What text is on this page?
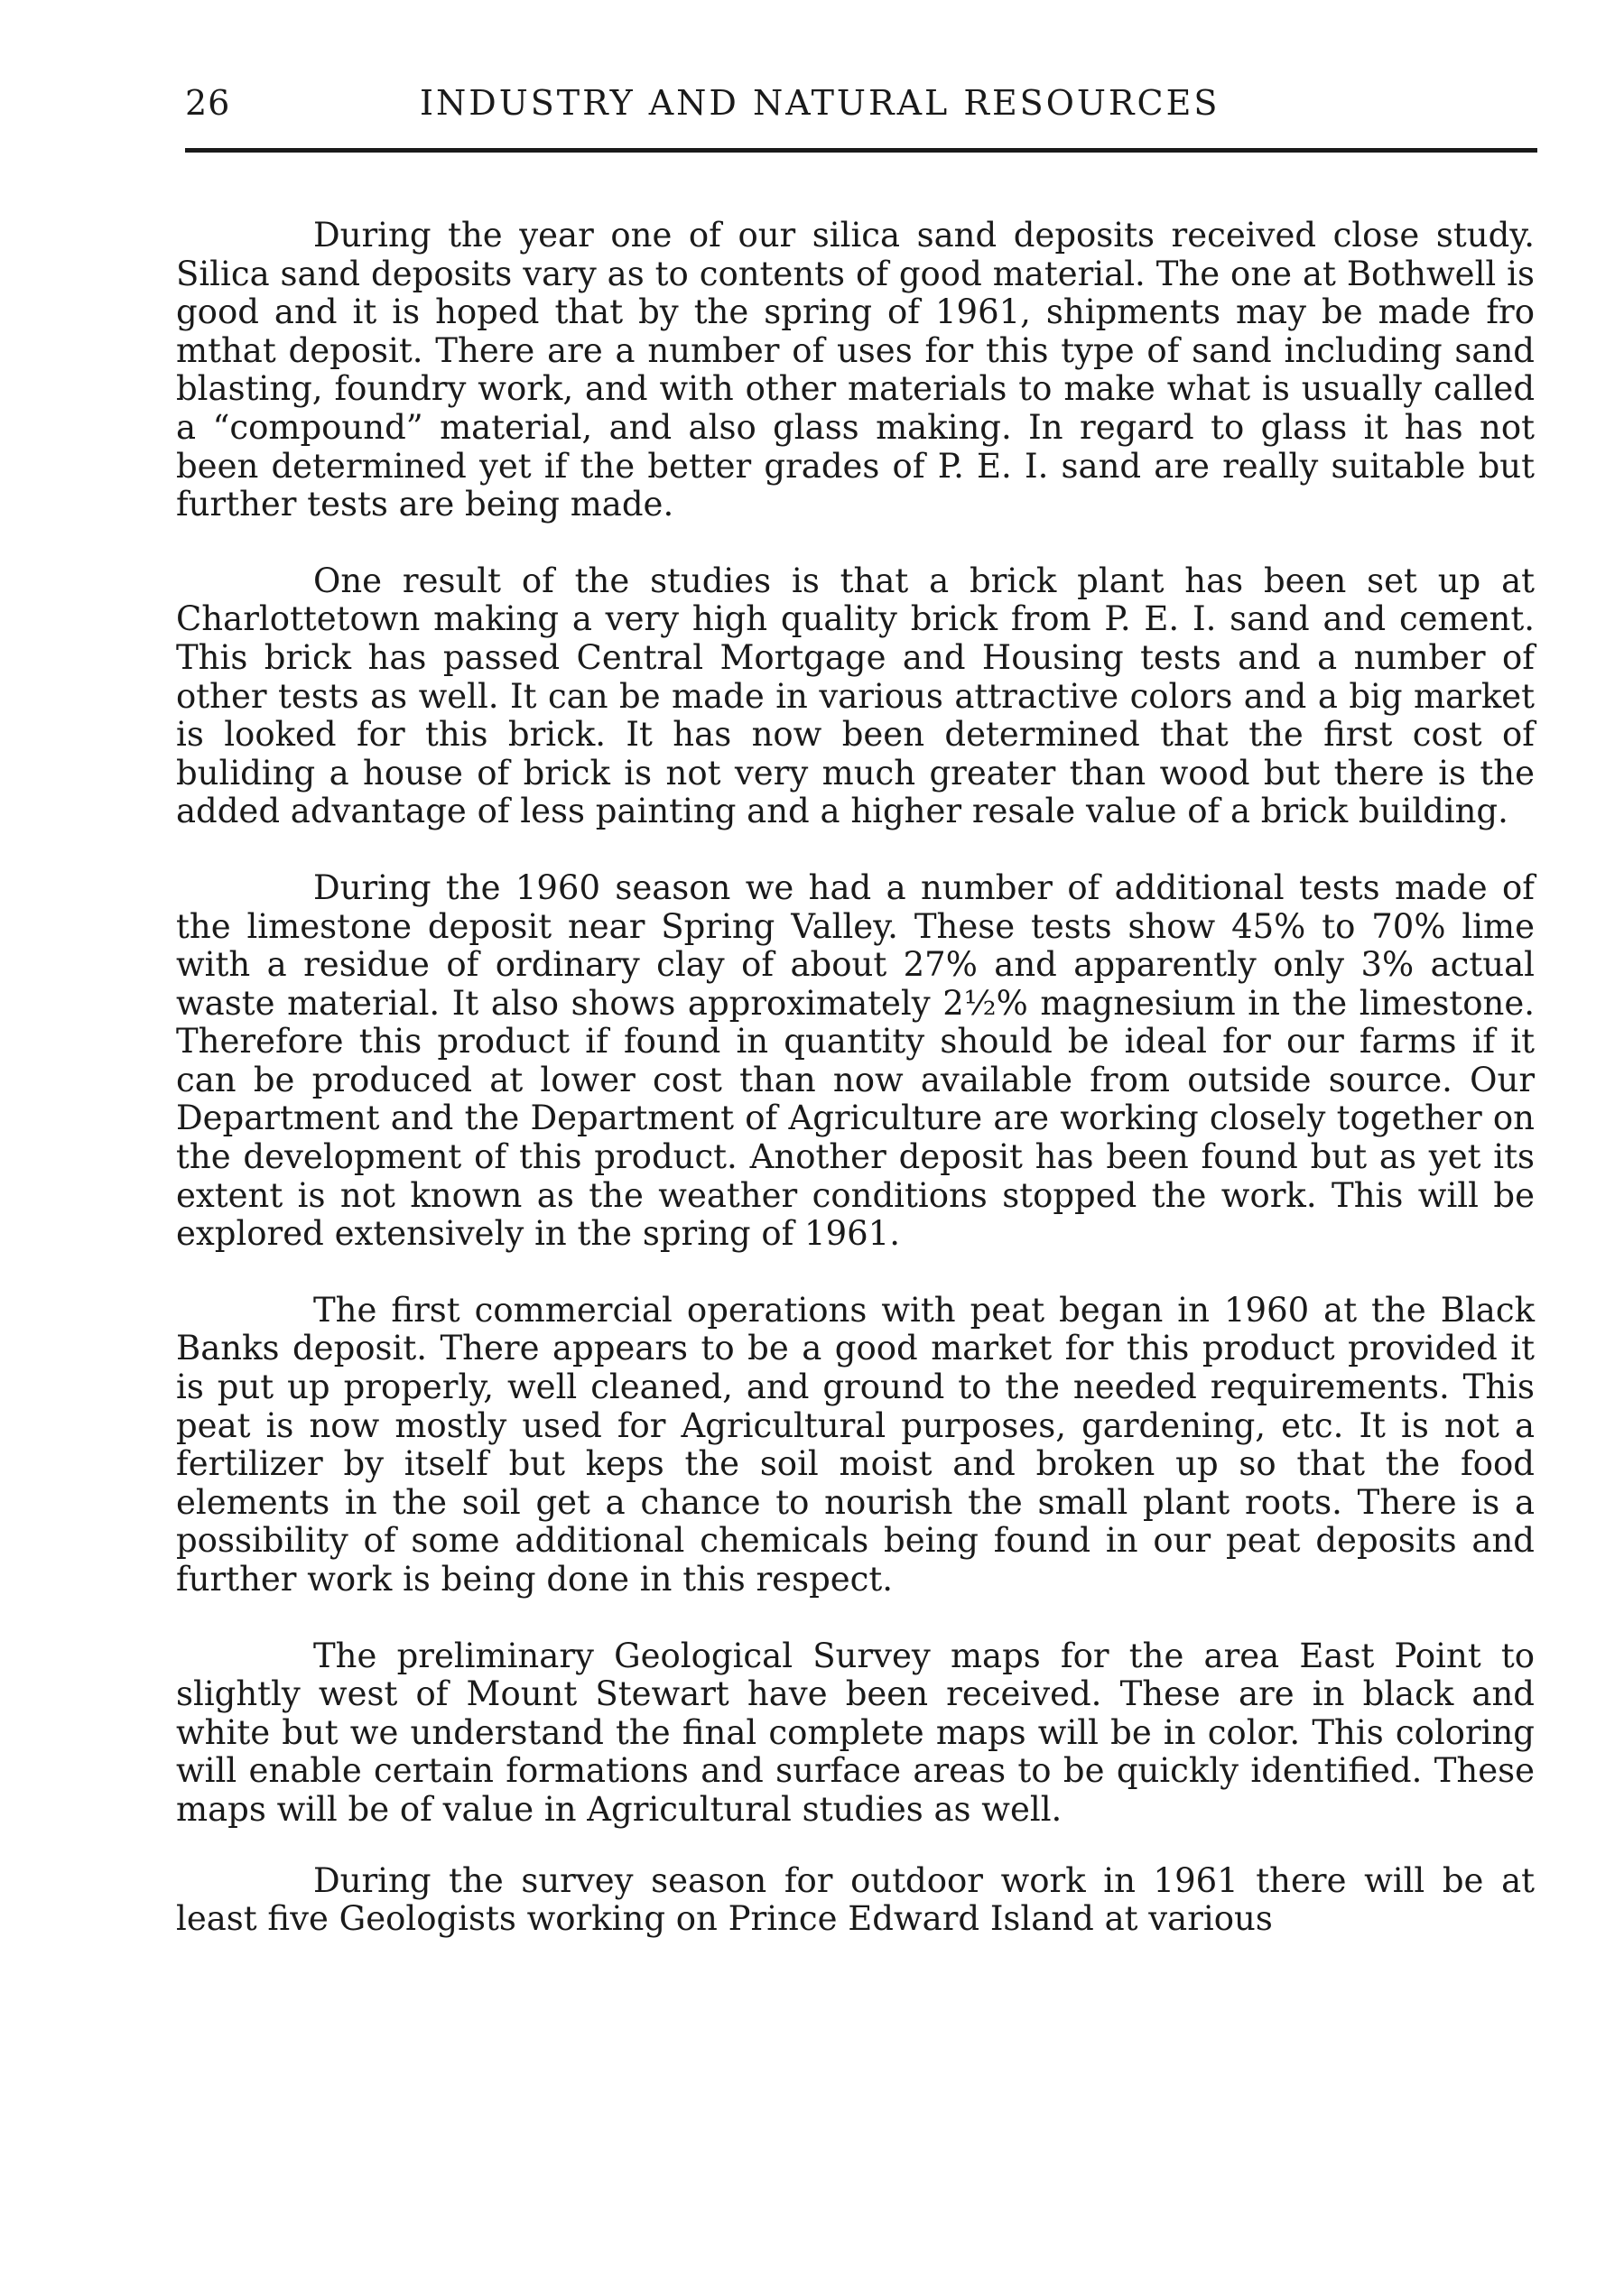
26	INDUSTRY AND NATURAL RESOURCES

During the year one of our silica sand deposits received close study. Silica sand deposits vary as to contents of good material. The one at Bothwell is good and it is hoped that by the spring of 1961, shipments may be made fro mthat deposit. There are a number of uses for this type of sand including sand blasting, foundry work, and with other materials to make what is usually called a “compound” material, and also glass making. In regard to glass it has not been determined yet if the better grades of P. E. I. sand are really suitable but further tests are being made.

One result of the studies is that a brick plant has been set up at Charlottetown making a very high quality brick from P. E. I. sand and cement. This brick has passed Central Mortgage and Housing tests and a number of other tests as well. It can be made in various attractive colors and a big market is looked for this brick. It has now been determined that the first cost of buliding a house of brick is not very much greater than wood but there is the added advantage of less painting and a higher resale value of a brick building.

During the 1960 season we had a number of additional tests made of the limestone deposit near Spring Valley. These tests show 45% to 70% lime with a residue of ordinary clay of about 27% and apparently only 3% actual waste material. It also shows approximately 2½% magnesium in the limestone. Therefore this product if found in quantity should be ideal for our farms if it can be produced at lower cost than now available from outside source. Our Department and the Department of Agriculture are working closely together on the development of this product. Another deposit has been found but as yet its extent is not known as the weather conditions stopped the work. This will be explored extensively in the spring of 1961.

The first commercial operations with peat began in 1960 at the Black Banks deposit. There appears to be a good market for this product provided it is put up properly, well cleaned, and ground to the needed requirements. This peat is now mostly used for Agricultural purposes, gardening, etc. It is not a fertilizer by itself but keps the soil moist and broken up so that the food elements in the soil get a chance to nourish the small plant roots. There is a possibility of some additional chemicals being found in our peat deposits and further work is being done in this respect.

The preliminary Geological Survey maps for the area East Point to slightly west of Mount Stewart have been received. These are in black and white but we understand the final complete maps will be in color. This coloring will enable certain formations and surface areas to be quickly identified. These maps will be of value in Agricultural studies as well.

During the survey season for outdoor work in 1961 there will be at least five Geologists working on Prince Edward Island at various
